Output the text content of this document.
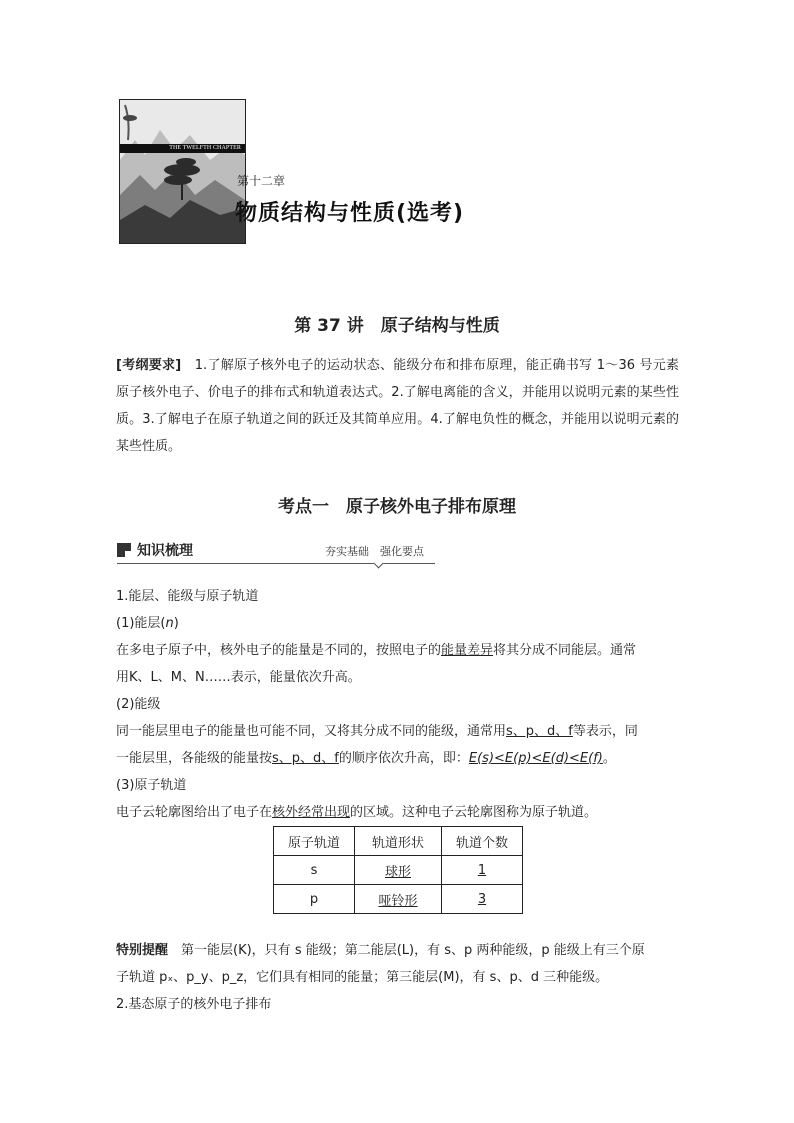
THE TWELFTH CHAPTER
第十二章
物质结构与性质(选考)
第 37 讲　原子结构与性质
[考纲要求]　1.了解原子核外电子的运动状态、能级分布和排布原理，能正确书写 1～36 号元素原子核外电子、价电子的排布式和轨道表达式。2.了解电离能的含义，并能用以说明元素的某些性质。3.了解电子在原子轨道之间的跃迁及其简单应用。4.了解电负性的概念，并能用以说明元素的某些性质。
考点一　原子核外电子排布原理
知识梳理	夯实基础　强化要点
1.能层、能级与原子轨道
(1)能层(n)
在多电子原子中，核外电子的能量是不同的，按照电子的能量差异将其分成不同能层。通常
用K、L、M、N……表示，能量依次升高。
(2)能级
同一能层里电子的能量也可能不同，又将其分成不同的能级，通常用s、p、d、f等表示，同
一能层里，各能级的能量按s、p、d、f的顺序依次升高，即：E(s)<E(p)<E(d)<E(f)。
(3)原子轨道
电子云轮廓图给出了电子在核外经常出现的区域。这种电子云轮廓图称为原子轨道。
原子轨道	轨道形状	轨道个数
s	球形	1
p	哑铃形	3
特别提醒　第一能层(K)，只有 s 能级；第二能层(L)，有 s、p 两种能级，p 能级上有三个原
子轨道 pₓ、p_y、p_z，它们具有相同的能量；第三能层(M)，有 s、p、d 三种能级。
2.基态原子的核外电子排布
